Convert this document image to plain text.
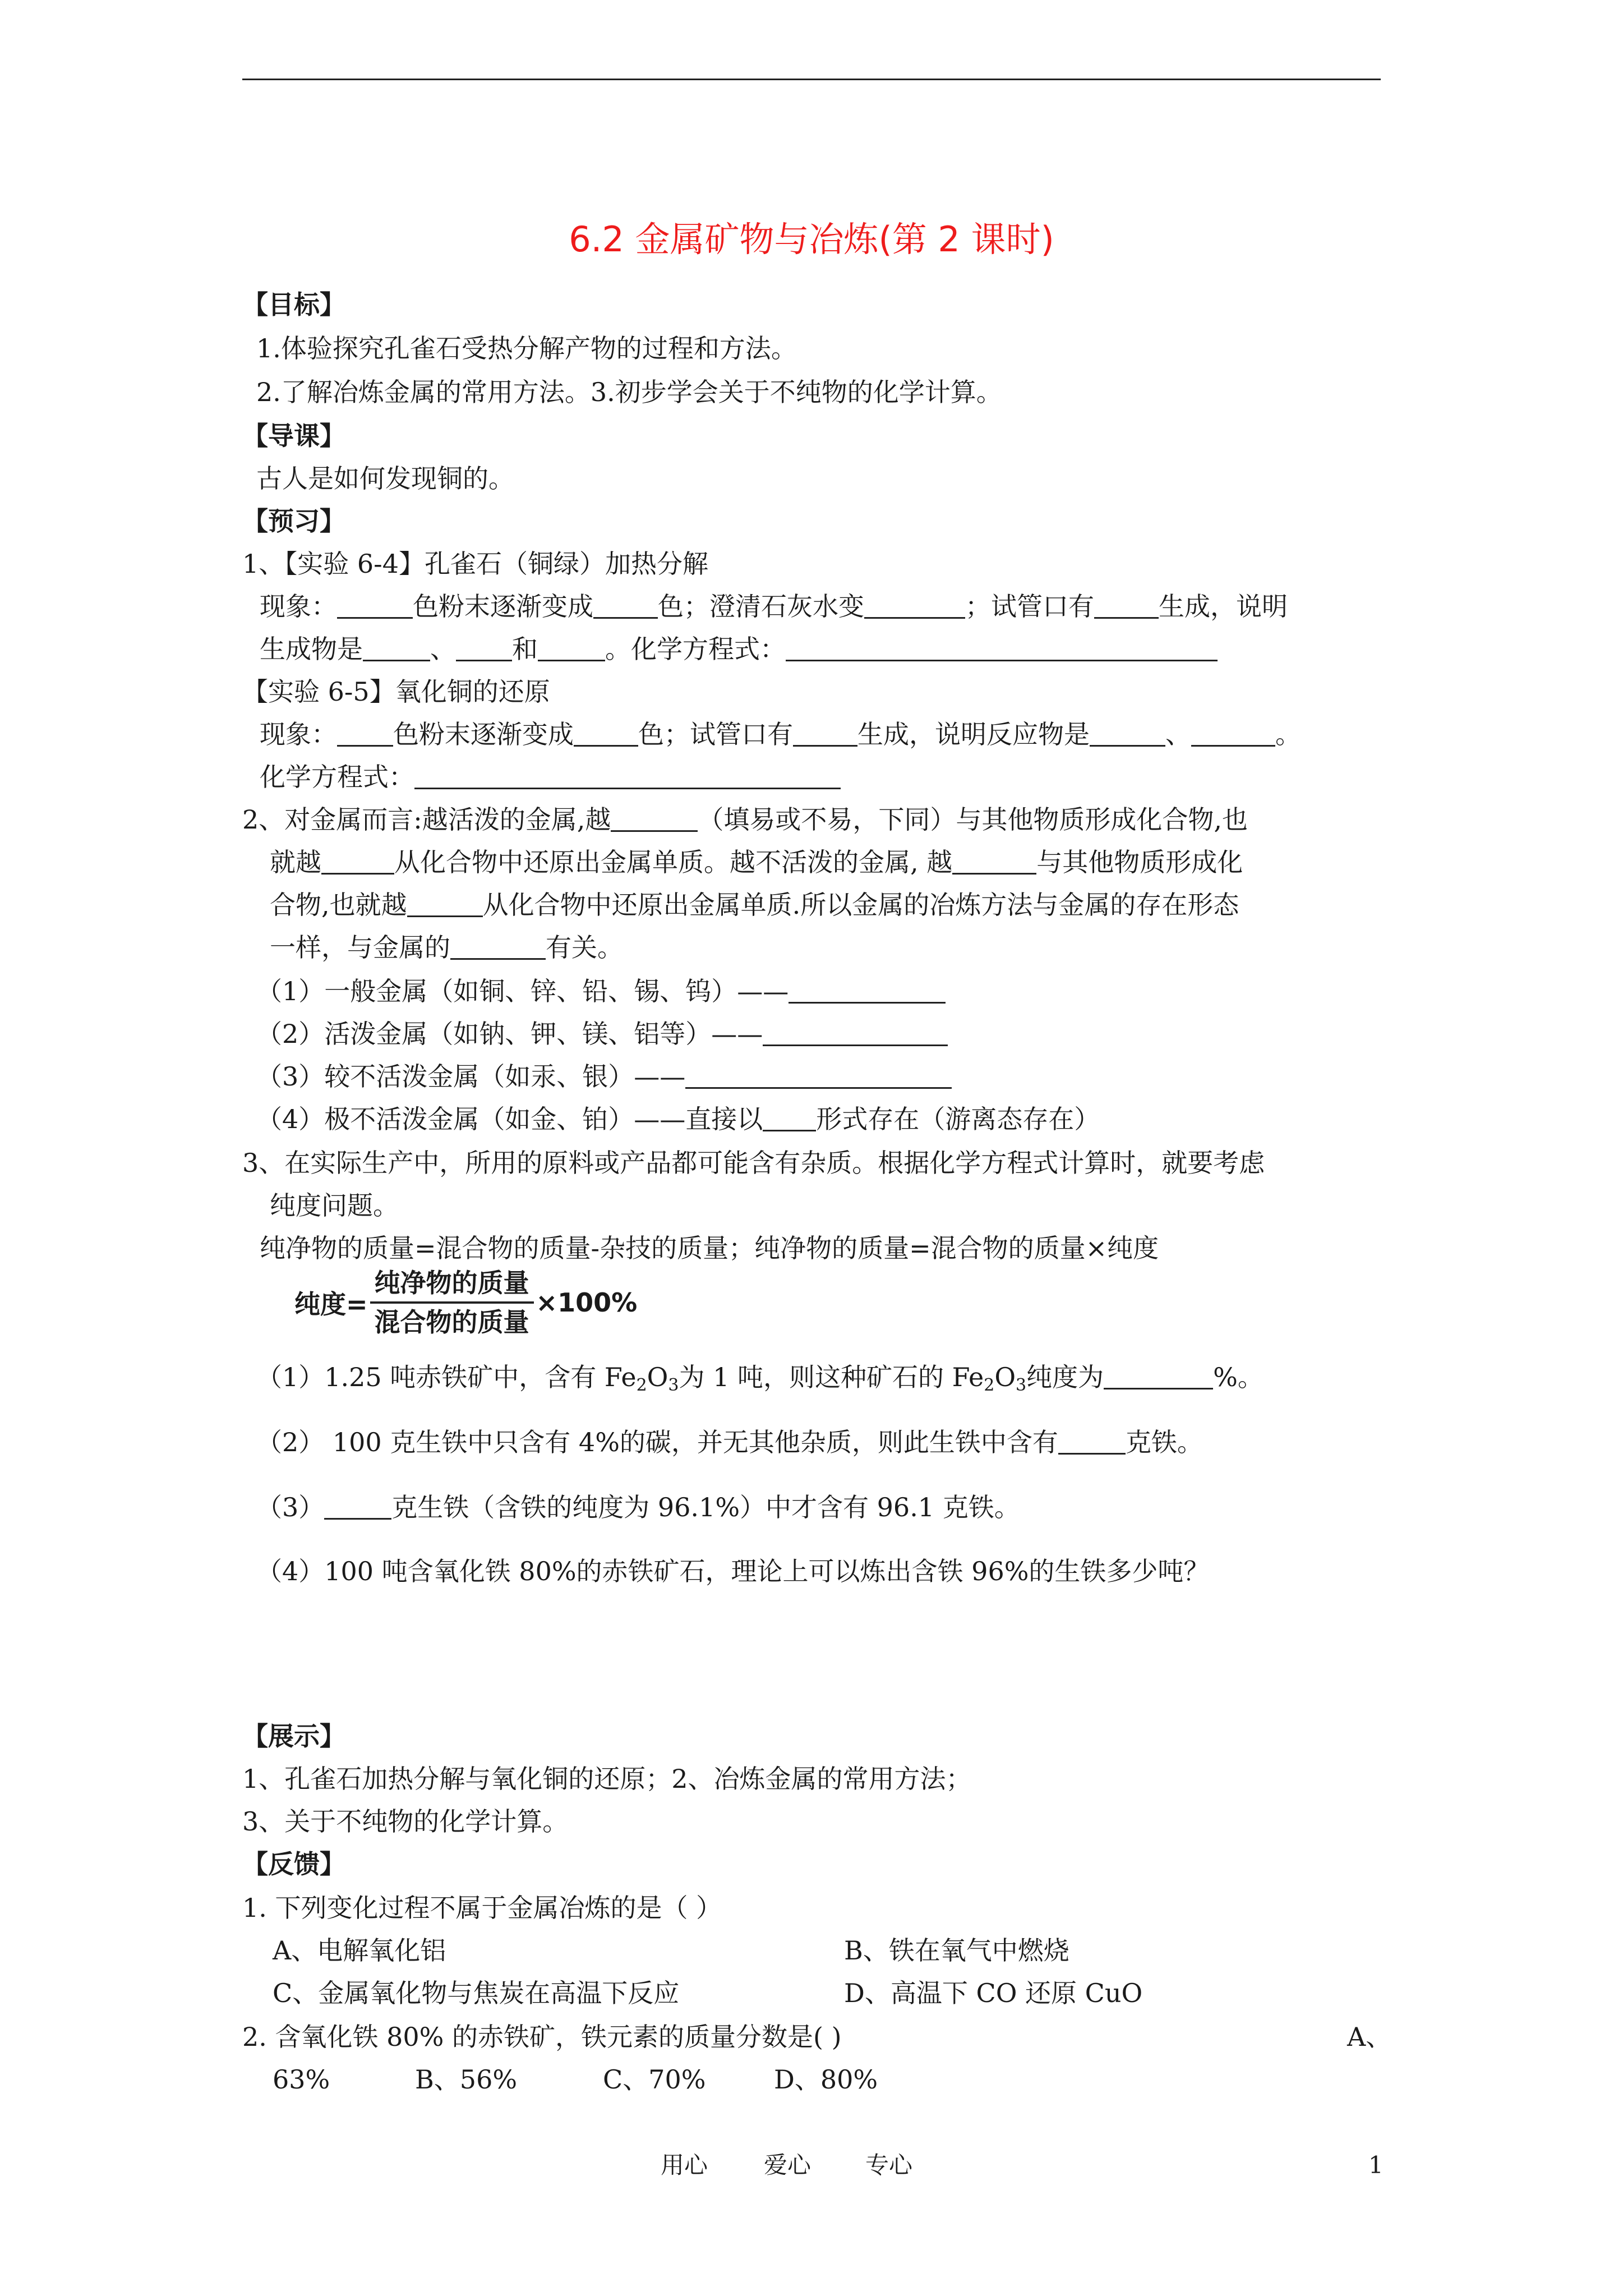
6.2 金属矿物与冶炼(第 2 课时)
【目标】
1.体验探究孔雀石受热分解产物的过程和方法。
2.了解冶炼金属的常用方法。3.初步学会关于不纯物的化学计算。
【导课】
古人是如何发现铜的。
【预习】
1、【实验 6-4】孔雀石（铜绿）加热分解
现象：	色粉末逐渐变成	色；澄清石灰水变	；试管口有	生成，说明
生成物是	、 和	。化学方程式：
【实验 6-5】氧化铜的还原
现象： 色粉末逐渐变成	色；试管口有	生成，说明反应物是	、	。
化学方程式：
2、对金属而言:越活泼的金属,越	（填易或不易，下同）与其他物质形成化合物,也
就越	从化合物中还原出金属单质。越不活泼的金属, 越	与其他物质形成化
合物,也就越	从化合物中还原出金属单质.所以金属的冶炼方法与金属的存在形态
一样，与金属的	有关。
（1）一般金属（如铜、锌、铅、锡、钨）——
（2）活泼金属（如钠、钾、镁、铝等）——
（3）较不活泼金属（如汞、银）——
（4）极不活泼金属（如金、铂）——直接以 形式存在（游离态存在）
3、在实际生产中，所用的原料或产品都可能含有杂质。根据化学方程式计算时，就要考虑
纯度问题。
纯净物的质量=混合物的质量-杂技的质量；纯净物的质量=混合物的质量×纯度
纯度= $\frac{\text{纯净物的质量}}{\text{混合物的质量}} \times 100\%$
（1）1.25 吨赤铁矿中，含有 $Fe_2O_3$为 1 吨，则这种矿石的 $Fe_2O_3$纯度为	%。
（2） 100 克生铁中只含有 4%的碳，并无其他杂质，则此生铁中含有	克铁。
（3）	克生铁（含铁的纯度为 96.1%）中才含有 96.1 克铁。
（4）100 吨含氧化铁 80%的赤铁矿石，理论上可以炼出含铁 96%的生铁多少吨？
【展示】
1、孔雀石加热分解与氧化铜的还原；2、冶炼金属的常用方法；
3、关于不纯物的化学计算。
【反馈】
1. 下列变化过程不属于金属冶炼的是（ ）
A、电解氧化铝	B、铁在氧气中燃烧
C、金属氧化物与焦炭在高温下反应	D、高温下 CO 还原 CuO
2. 含氧化铁 80% 的赤铁矿，铁元素的质量分数是( )	A、
63%	B、56%	C、70%	D、80%
用心 爱心 专心	1
